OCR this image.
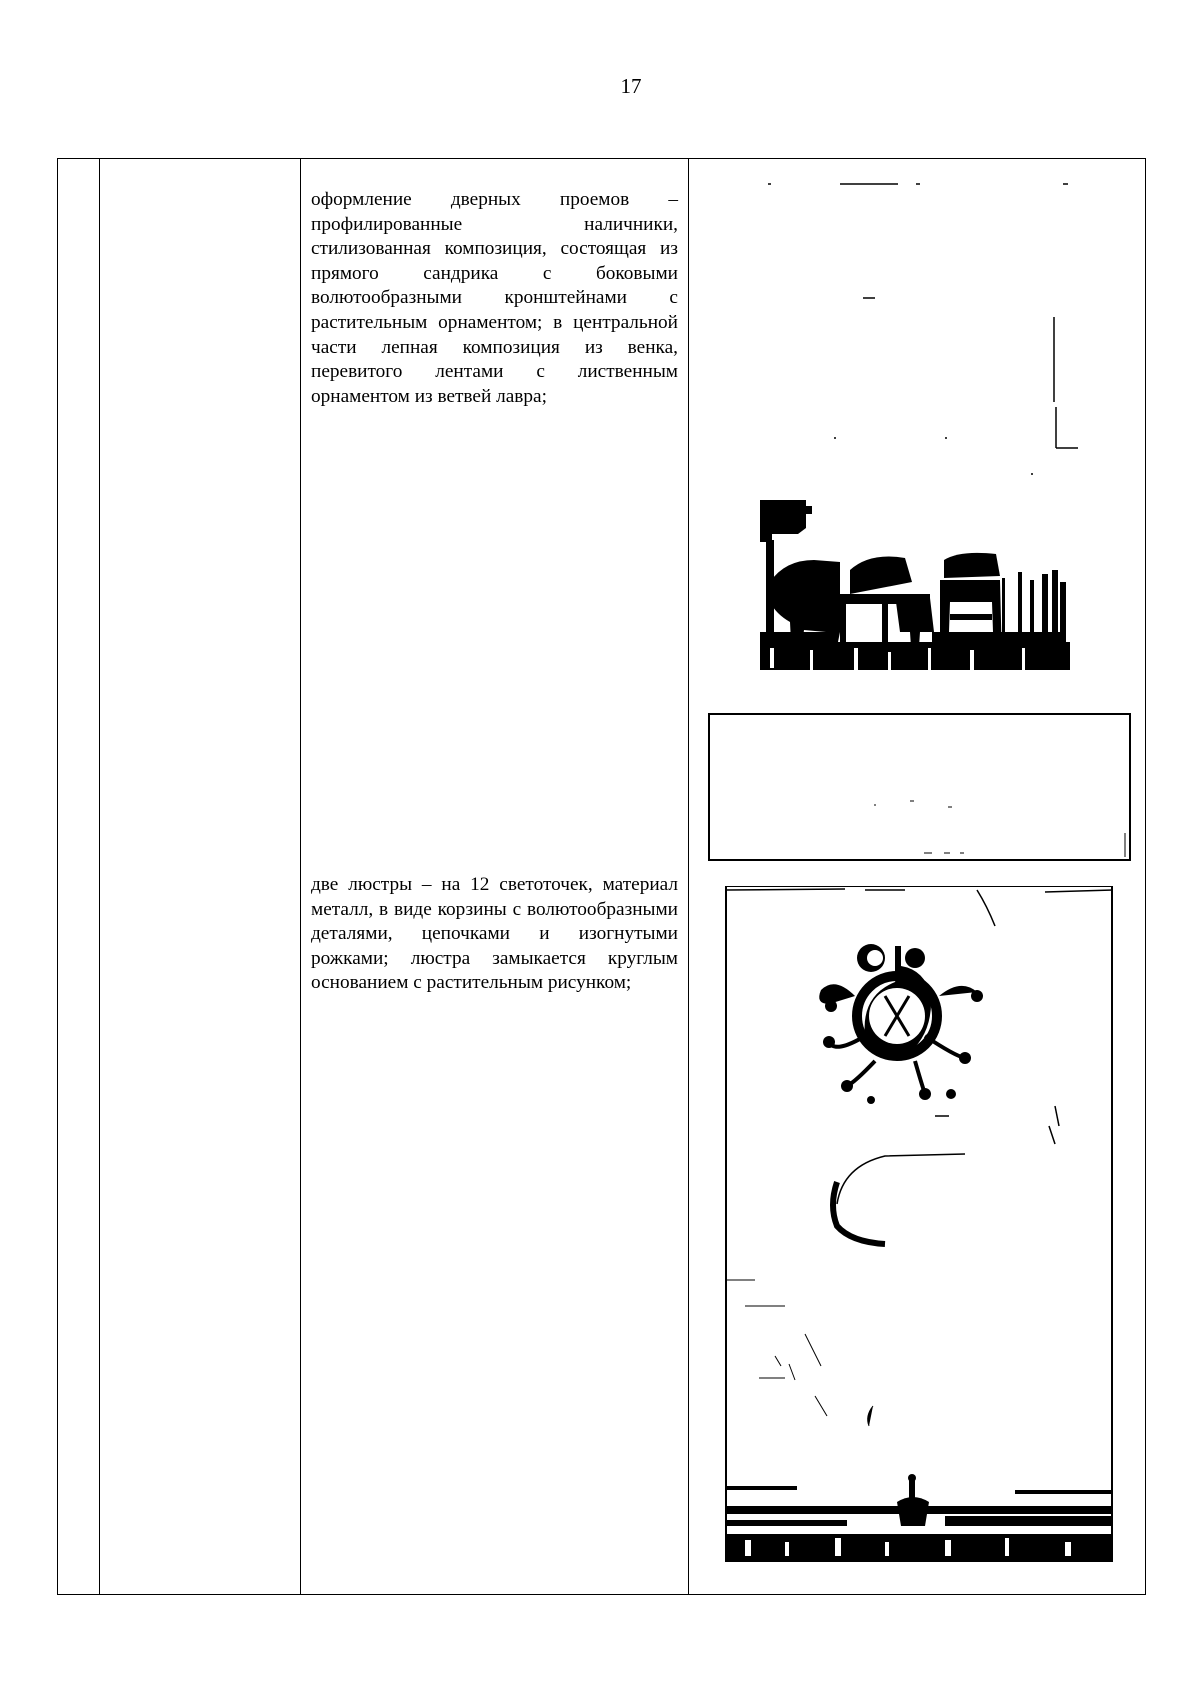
17
оформление дверных проемов – профилированные наличники, стилизованная композиция, состоящая из прямого сандрика с боковыми волютообразными кронштейнами с растительным орнаментом; в центральной части лепная композиция из венка, перевитого лентами с лиственным орнаментом из ветвей лавра;
две люстры – на 12 светоточек, материал металл, в виде корзины с волютообразными деталями, цепочками и изогнутыми рожками; люстра замыкается круглым основанием с растительным рисунком;
